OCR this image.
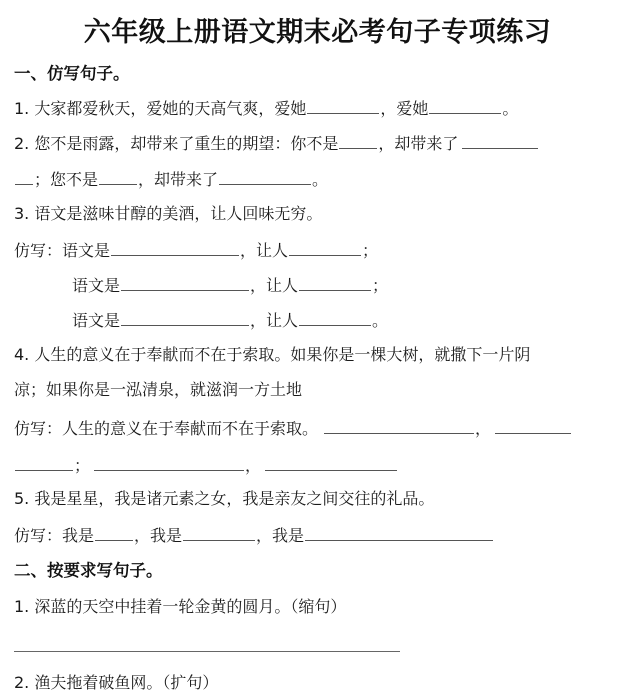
六年级上册语文期末必考句子专项练习
一、仿写句子。
1. 大家都爱秋天，爱她的天高气爽，爱她	，爱她	。
2. 您不是雨露，却带来了重生的期望：你不是	，却带来了
；您不是	，却带来了	。
3. 语文是滋味甘醇的美酒，让人回味无穷。
仿写：语文是	，让人	；
语文是	，让人	；
语文是	，让人	。
4. 人生的意义在于奉献而不在于索取。如果你是一棵大树，就撒下一片阴
凉；如果你是一泓清泉，就滋润一方土地
仿写：人生的意义在于奉献而不在于索取。	，
；	，
5. 我是星星，我是诸元素之女，我是亲友之间交往的礼品。
仿写：我是	，我是	，我是
二、按要求写句子。
1. 深蓝的天空中挂着一轮金黄的圆月。（缩句）
2. 渔夫拖着破鱼网。（扩句）
